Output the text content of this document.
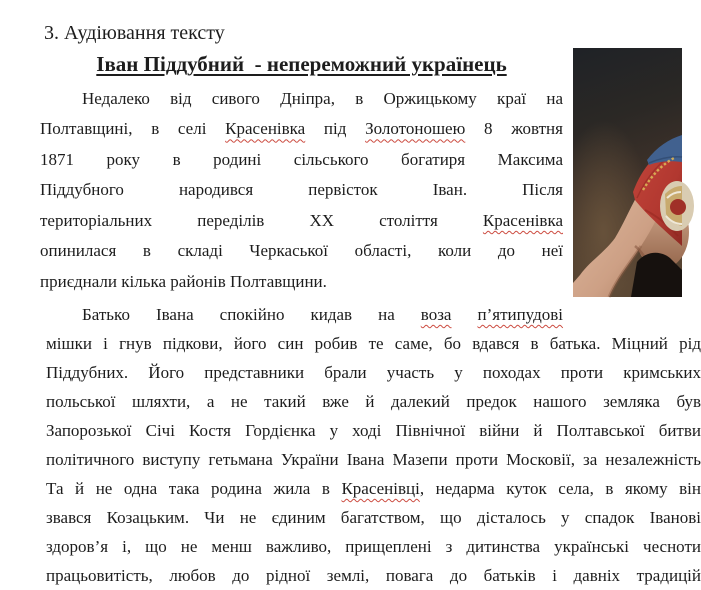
3. Аудіювання тексту
Іван Піддубний  - непереможний українець
Недалеко від сивого Дніпра, в Оржицькому краї на
Полтавщині, в селі Красенівка під Золотоношею 8 жовтня
1871 року в родині сільського богатиря Максима
Піддубного народився первісток Іван. Після
територіальних переділів ХХ століття Красенівка
опинилася в складі Черкаської області, коли до неї
приєднали кілька районів Полтавщини.
Батько Івана спокійно кидав на воза п’ятипудові
мішки і гнув підкови, його син робив те саме, бо вдався в батька. Міцний рід
Піддубних. Його представники брали участь у походах проти кримських
польської шляхти, а не такий вже й далекий предок нашого земляка був
Запорозької Січі Костя Гордієнка у ході Північної війни й Полтавської битви
політичного виступу гетьмана України Івана Мазепи проти Московії, за незалежність
Та й не одна така родина жила в Красенівці, недарма куток села, в якому він
звався Козацьким. Чи не єдиним багатством, що дісталось у спадок Іванові
здоров’я і, що не менш важливо, прищеплені з дитинства українські чесноти
працьовитість, любов до рідної землі, повага до батьків і давніх традицій
